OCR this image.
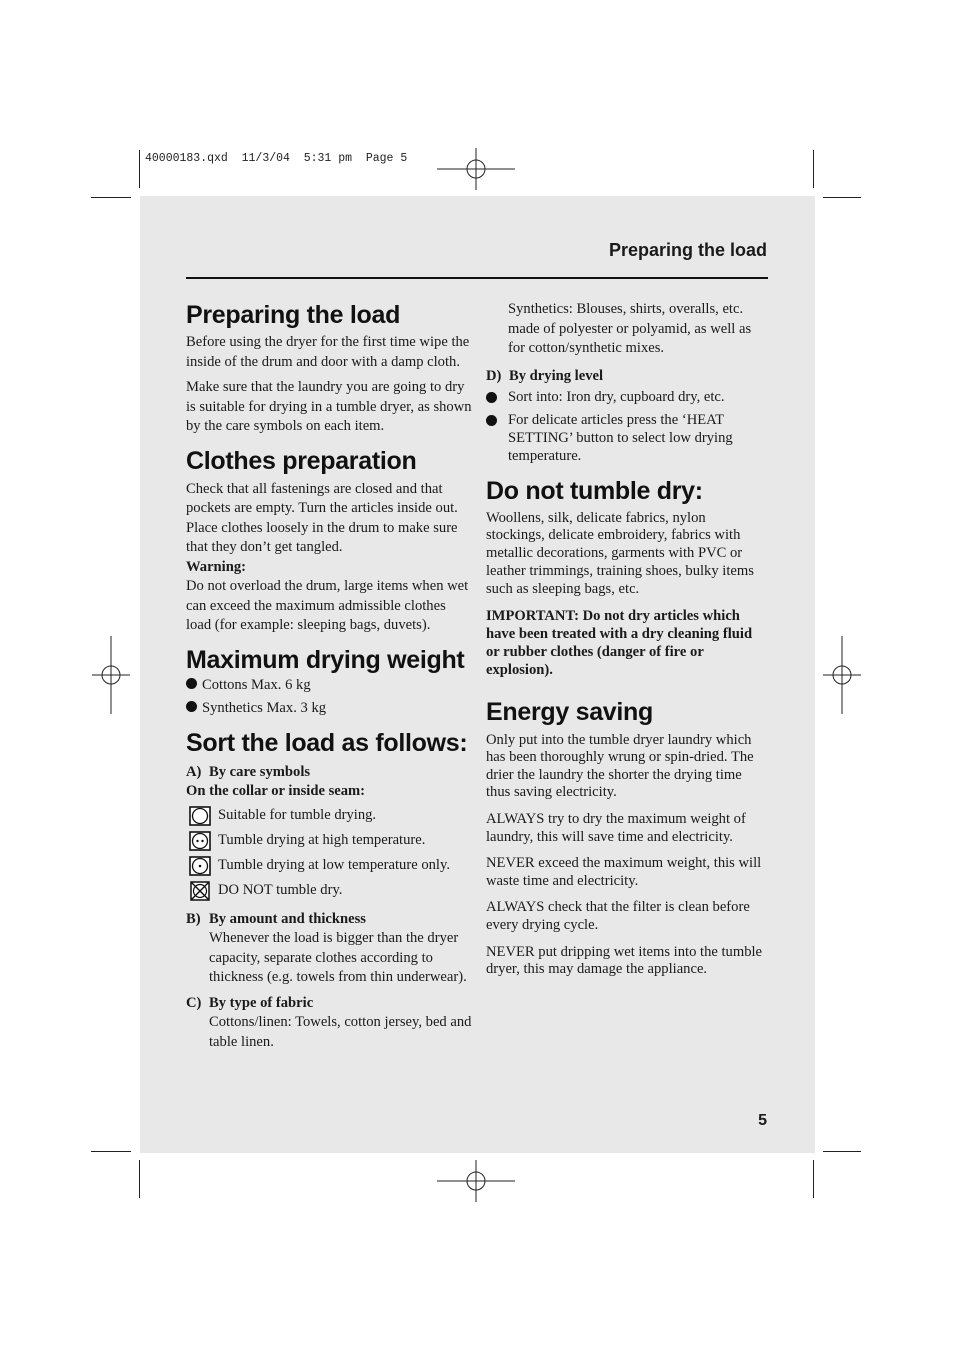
40000183.qxd  11/3/04  5:31 pm  Page 5
Preparing the load
5
Preparing the load

Before using the dryer for the first time wipe the inside of the drum and door with a damp cloth.

Make sure that the laundry you are going to dry is suitable for drying in a tumble dryer, as shown by the care symbols on each item.

Clothes preparation

Check that all fastenings are closed and that pockets are empty. Turn the articles inside out. Place clothes loosely in the drum to make sure that they don’t get tangled.

Warning:

Do not overload the drum, large items when wet can exceed the maximum admissible clothes load (for example: sleeping bags, duvets).

Maximum drying weight
Cottons Max. 6 kg
Synthetics Max. 3 kg
Sort the load as follows:
A) By care symbols

On the collar or inside seam:

Suitable for tumble drying.
Tumble drying at high temperature.
Tumble drying at low temperature only.
DO NOT tumble dry.
B) By amount and thickness

Whenever the load is bigger than the dryer capacity, separate clothes according to thickness (e.g. towels from thin underwear).

C) By type of fabric

Cottons/linen: Towels, cotton jersey, bed and table linen.

Synthetics: Blouses, shirts, overalls, etc. made of polyester or polyamid, as well as for cotton/synthetic mixes.

D) By drying level
Sort into: Iron dry, cupboard dry, etc.
For delicate articles press the ‘HEAT SETTING’ button to select low drying temperature.
Do not tumble dry:

Woollens, silk, delicate fabrics, nylon stockings, delicate embroidery, fabrics with metallic decorations, garments with PVC or leather trimmings, training shoes, bulky items such as sleeping bags, etc.

IMPORTANT: Do not dry articles which have been treated with a dry cleaning fluid or rubber clothes (danger of fire or explosion).

Energy saving

Only put into the tumble dryer laundry which has been thoroughly wrung or spin-dried. The drier the laundry the shorter the drying time thus saving electricity.

ALWAYS try to dry the maximum weight of laundry, this will save time and electricity.

NEVER exceed the maximum weight, this will waste time and electricity.

ALWAYS check that the filter is clean before every drying cycle.

NEVER put dripping wet items into the tumble dryer, this may damage the appliance.
